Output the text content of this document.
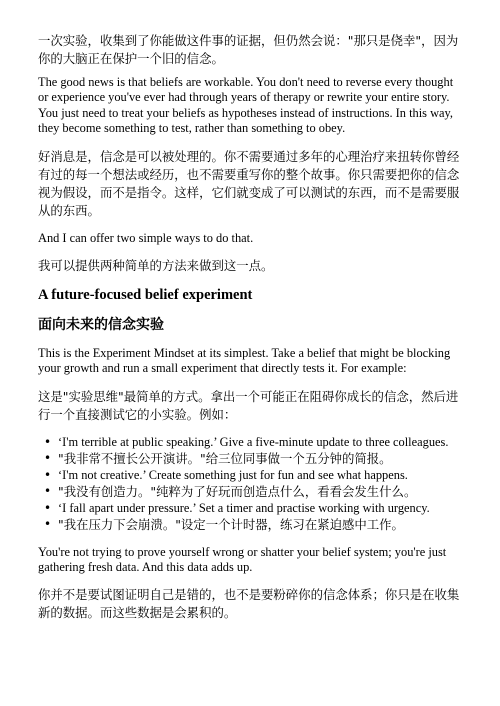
一次实验，收集到了你能做这件事的证据，但仍然会说："那只是侥幸"，因为你的大脑正在保护一个旧的信念。

The good news is that beliefs are workable. You don't need to reverse every thought or experience you've ever had through years of therapy or rewrite your entire story. You just need to treat your beliefs as hypotheses instead of instructions. In this way, they become something to test, rather than something to obey.

好消息是，信念是可以被处理的。你不需要通过多年的心理治疗来扭转你曾经有过的每一个想法或经历，也不需要重写你的整个故事。你只需要把你的信念视为假设，而不是指令。这样，它们就变成了可以测试的东西，而不是需要服从的东西。

And I can offer two simple ways to do that.

我可以提供两种简单的方法来做到这一点。

A future-focused belief experiment
面向未来的信念实验

This is the Experiment Mindset at its simplest. Take a belief that might be blocking your growth and run a small experiment that directly tests it. For example:

这是"实验思维"最简单的方式。拿出一个可能正在阻碍你成长的信念，然后进行一个直接测试它的小实验。例如：

• ‘I'm terrible at public speaking.’ Give a five-minute update to three colleagues.
• "我非常不擅长公开演讲。"给三位同事做一个五分钟的简报。
• ‘I'm not creative.’ Create something just for fun and see what happens.
• "我没有创造力。"纯粹为了好玩而创造点什么，看看会发生什么。
• ‘I fall apart under pressure.’ Set a timer and practise working with urgency.
• "我在压力下会崩溃。"设定一个计时器，练习在紧迫感中工作。

You're not trying to prove yourself wrong or shatter your belief system; you're just gathering fresh data. And this data adds up.

你并不是要试图证明自己是错的，也不是要粉碎你的信念体系；你只是在收集新的数据。而这些数据是会累积的。
